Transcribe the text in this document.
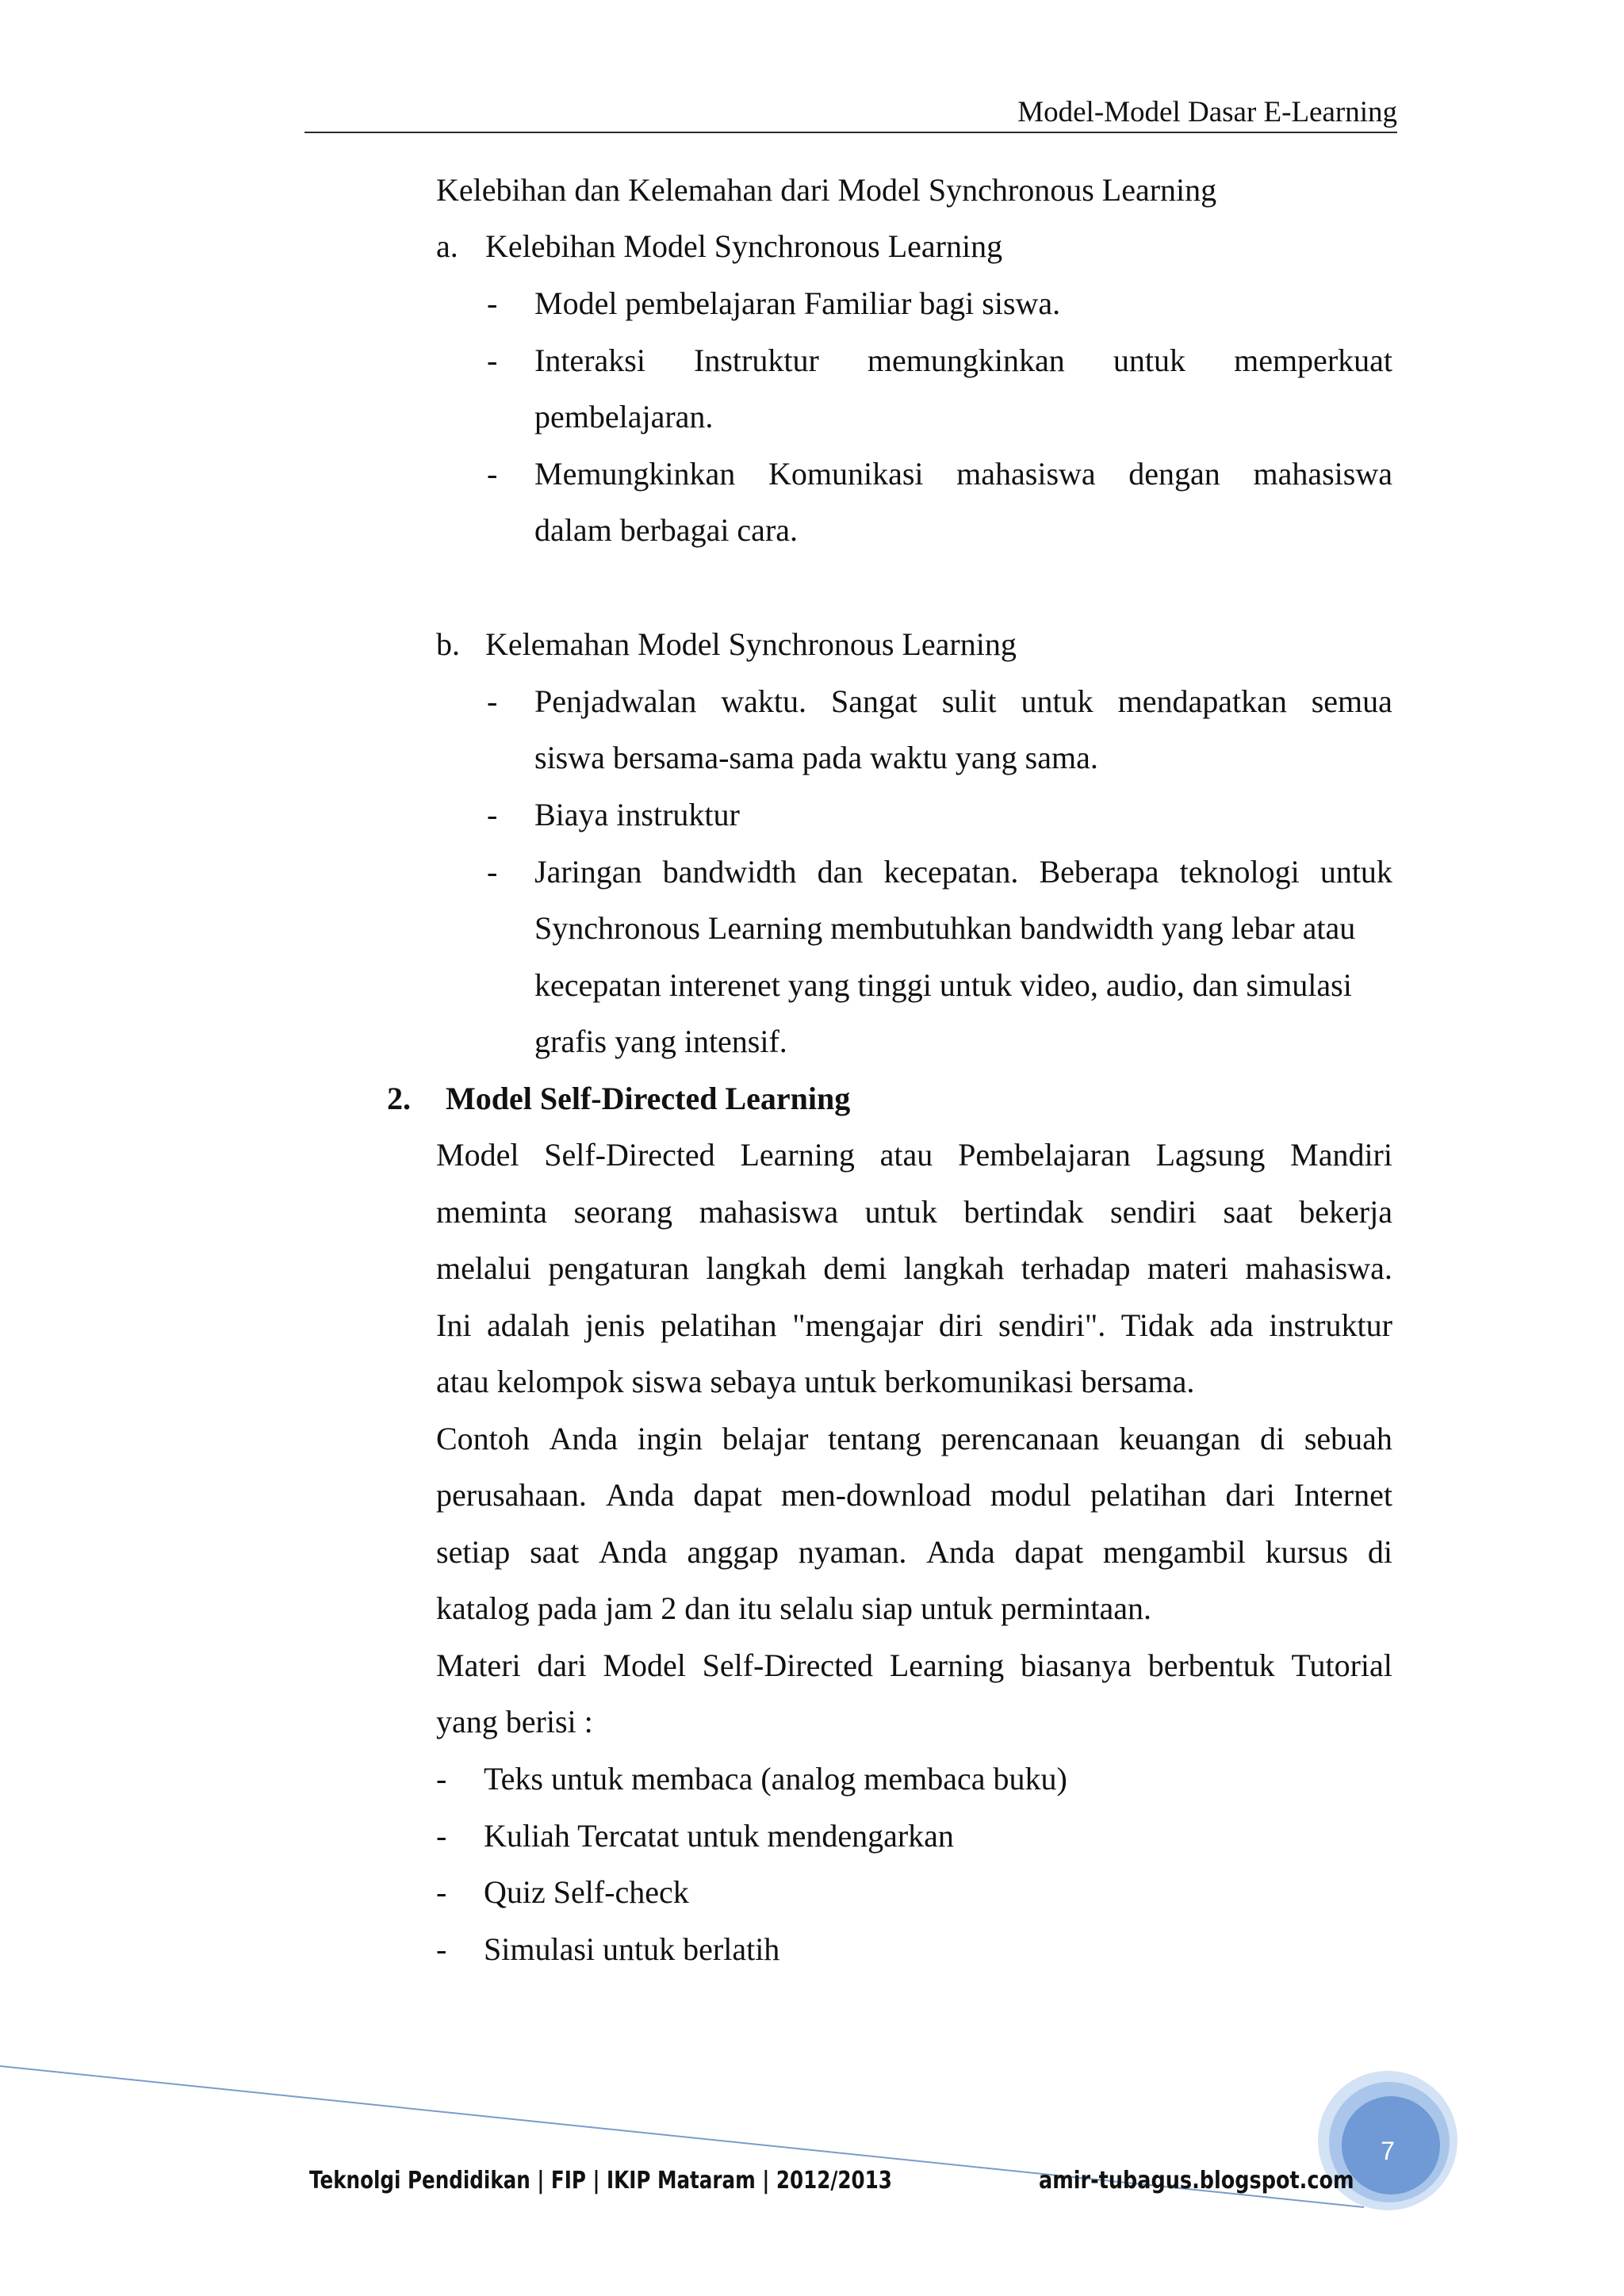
Model-Model Dasar E-Learning
Kelebihan dan Kelemahan dari Model Synchronous Learning
a. Kelebihan Model Synchronous Learning
- Model pembelajaran Familiar bagi siswa.
- Interaksi Instruktur memungkinkan untuk memperkuat
pembelajaran.
- Memungkinkan Komunikasi mahasiswa dengan mahasiswa
dalam berbagai cara.
b. Kelemahan Model Synchronous Learning
- Penjadwalan waktu. Sangat sulit untuk mendapatkan semua
siswa bersama-sama pada waktu yang sama.
- Biaya instruktur
- Jaringan bandwidth dan kecepatan. Beberapa teknologi untuk
Synchronous Learning membutuhkan bandwidth yang lebar atau
kecepatan interenet yang tinggi untuk video, audio, dan simulasi
grafis yang intensif.
2. Model Self-Directed Learning
Model Self-Directed Learning atau Pembelajaran Lagsung Mandiri
meminta seorang mahasiswa untuk bertindak sendiri saat bekerja
melalui pengaturan langkah demi langkah terhadap materi mahasiswa.
Ini adalah jenis pelatihan "mengajar diri sendiri". Tidak ada instruktur
atau kelompok siswa sebaya untuk berkomunikasi bersama.
Contoh Anda ingin belajar tentang perencanaan keuangan di sebuah
perusahaan. Anda dapat men-download modul pelatihan dari Internet
setiap saat Anda anggap nyaman. Anda dapat mengambil kursus di
katalog pada jam 2 dan itu selalu siap untuk permintaan.
Materi dari Model Self-Directed Learning biasanya berbentuk Tutorial
yang berisi :
- Teks untuk membaca (analog membaca buku)
- Kuliah Tercatat untuk mendengarkan
- Quiz Self-check
- Simulasi untuk berlatih
7
Teknolgi Pendidikan | FIP | IKIP Mataram | 2012/2013	amir-tubagus.blogspot.com
